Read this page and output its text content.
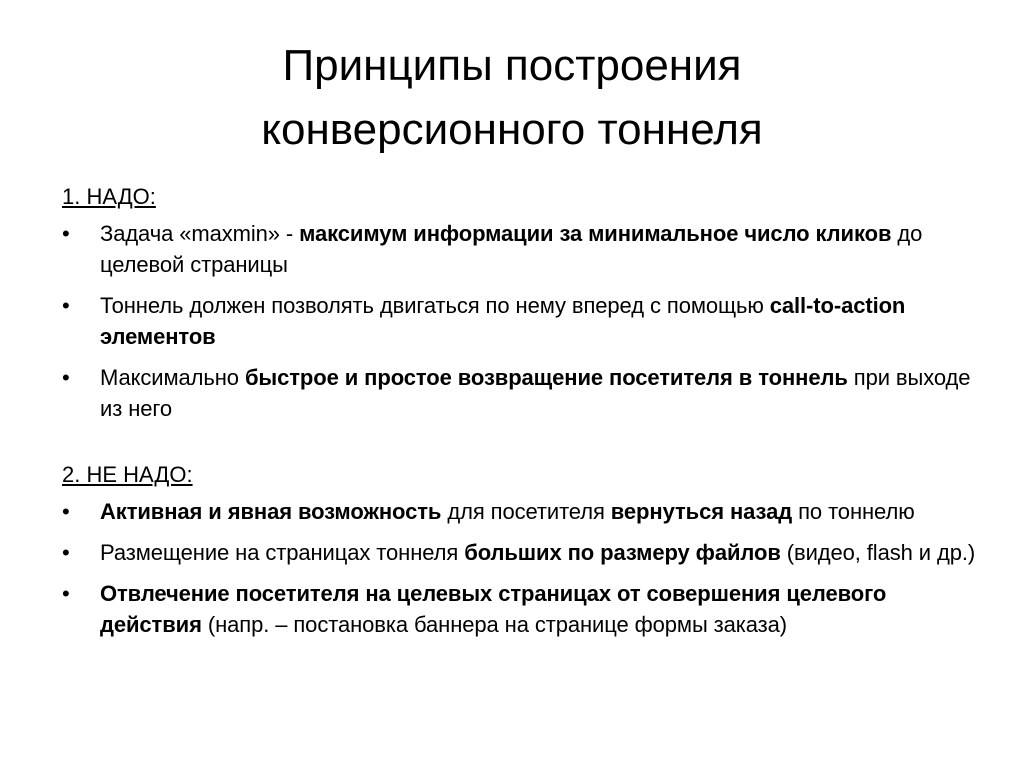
Принципы построения
конверсионного тоннеля
1. НАДО:
• Задача «maxmin» - максимум информации за минимальное число кликов до целевой страницы
• Тоннель должен позволять двигаться по нему вперед с помощью call-to-action элементов
• Максимально быстрое и простое возвращение посетителя в тоннель при выходе из него
2. НЕ НАДО:
• Активная и явная возможность для посетителя вернуться назад по тоннелю
• Размещение на страницах тоннеля больших по размеру файлов (видео, flash и др.)
• Отвлечение посетителя на целевых страницах от совершения целевого действия (напр. – постановка баннера на странице формы заказа)
